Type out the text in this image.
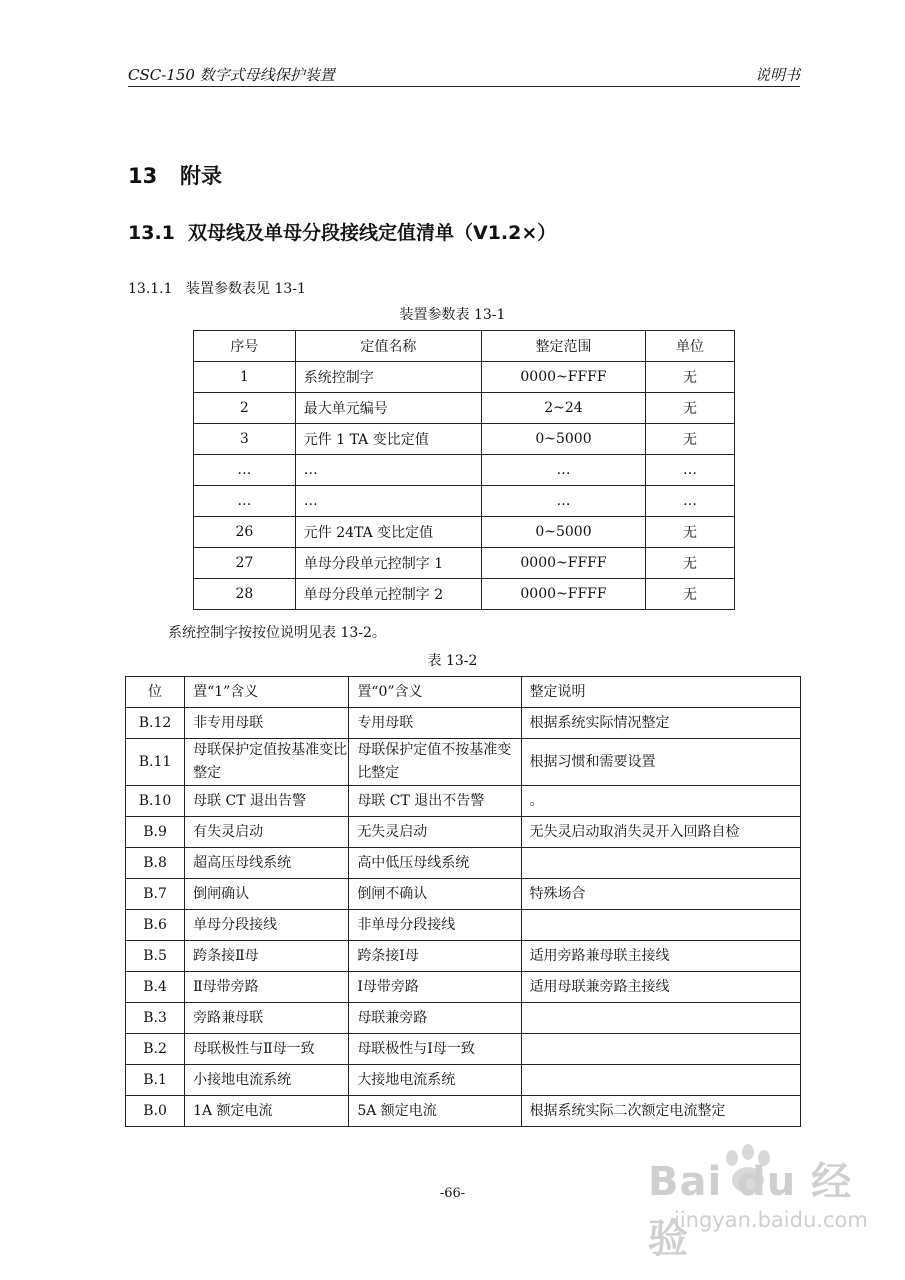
CSC-150 数字式母线保护装置	说明书
13 附录
13.1 双母线及单母分段接线定值清单（V1.2×）
13.1.1 装置参数表见 13-1
装置参数表 13-1
序号	定值名称	整定范围	单位
1	系统控制字	0000~FFFF	无
2	最大单元编号	2~24	无
3	元件 1 TA 变比定值	0~5000	无
…	…	…	…
…	…	…	…
26	元件 24TA 变比定值	0~5000	无
27	单母分段单元控制字 1	0000~FFFF	无
28	单母分段单元控制字 2	0000~FFFF	无
系统控制字按按位说明见表 13-2。
表 13-2
位	置“1”含义	置“0”含义	整定说明
B.12	非专用母联	专用母联	根据系统实际情况整定
B.11	母联保护定值按基准变比整定	母联保护定值不按基准变比整定	根据习惯和需要设置
B.10	母联 CT 退出告警	母联 CT 退出不告警	。
B.9	有失灵启动	无失灵启动	无失灵启动取消失灵开入回路自检
B.8	超高压母线系统	高中低压母线系统	
B.7	倒闸确认	倒闸不确认	特殊场合
B.6	单母分段接线	非单母分段接线	
B.5	跨条接Ⅱ母	跨条接Ⅰ母	适用旁路兼母联主接线
B.4	Ⅱ母带旁路	Ⅰ母带旁路	适用母联兼旁路主接线
B.3	旁路兼母联	母联兼旁路	
B.2	母联极性与Ⅱ母一致	母联极性与Ⅰ母一致	
B.1	小接地电流系统	大接地电流系统	
B.0	1A 额定电流	5A 额定电流	根据系统实际二次额定电流整定
-66-	Bai du 经验
jingyan.baidu.com
